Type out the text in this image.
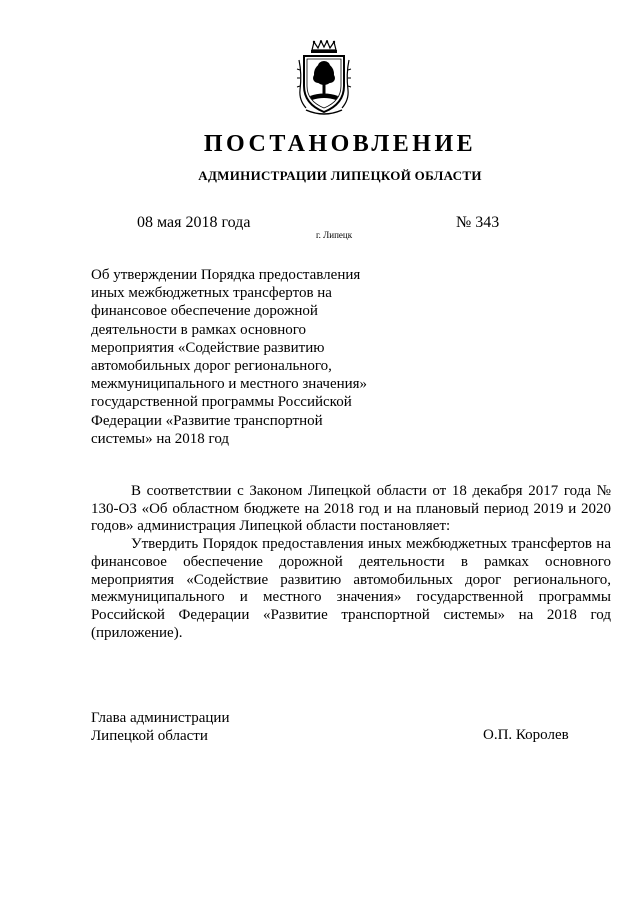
ПОСТАНОВЛЕНИЕ
АДМИНИСТРАЦИИ ЛИПЕЦКОЙ ОБЛАСТИ
08 мая 2018 года
г. Липецк
№ 343
Об утверждении Порядка предоставления
иных межбюджетных трансфертов на
финансовое обеспечение дорожной
деятельности в рамках основного
мероприятия «Содействие развитию
автомобильных дорог регионального,
межмуниципального и местного значения»
государственной программы Российской
Федерации «Развитие транспортной
системы» на 2018 год

В соответствии с Законом Липецкой области от 18 декабря 2017 года № 130-ОЗ «Об областном бюджете на 2018 год и на плановый период 2019 и 2020 годов» администрация Липецкой области постановляет:

Утвердить Порядок предоставления иных межбюджетных трансфертов на финансовое обеспечение дорожной деятельности в рамках основного мероприятия «Содействие развитию автомобильных дорог регионального, межмуниципального и местного значения» государственной программы Российской Федерации «Развитие транспортной системы» на 2018 год (приложение).

Глава администрации
Липецкой области	О.П. Королев
